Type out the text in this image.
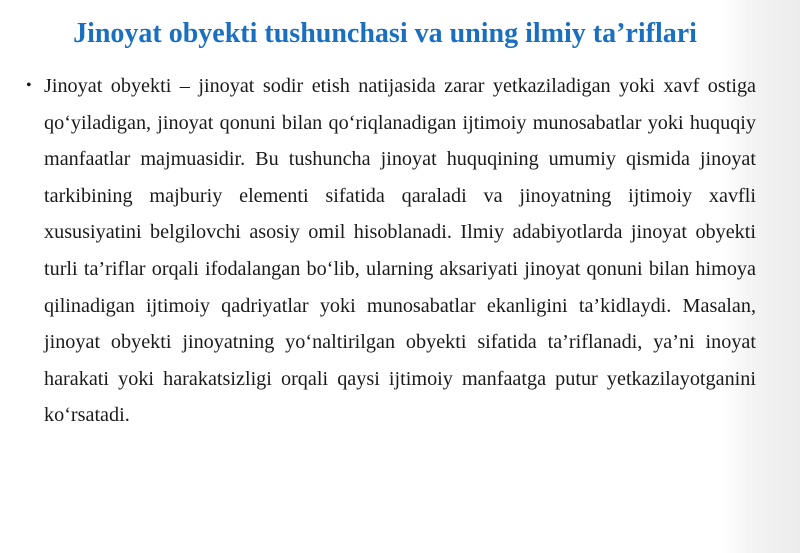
Jinoyat obyekti tushunchasi va uning ilmiy ta’riflari
• Jinoyat obyekti – jinoyat sodir etish natijasida zarar yetkaziladigan yoki xavf ostiga qo‘yiladigan, jinoyat qonuni bilan qo‘riqlanadigan ijtimoiy munosabatlar yoki huquqiy manfaatlar majmuasidir. Bu tushuncha jinoyat huquqining umumiy qismida jinoyat tarkibining majburiy elementi sifatida qaraladi va jinoyatning ijtimoiy xavfli xususiyatini belgilovchi asosiy omil hisoblanadi. Ilmiy adabiyotlarda jinoyat obyekti turli ta’riflar orqali ifodalangan bo‘lib, ularning aksariyati jinoyat qonuni bilan himoya qilinadigan ijtimoiy qadriyatlar yoki munosabatlar ekanligini ta’kidlaydi. Masalan, jinoyat obyekti jinoyatning yo‘naltirilgan obyekti sifatida ta’riflanadi, ya’ni inoyat harakati yoki harakatsizligi orqali qaysi ijtimoiy manfaatga putur yetkazilayotganini ko‘rsatadi.
